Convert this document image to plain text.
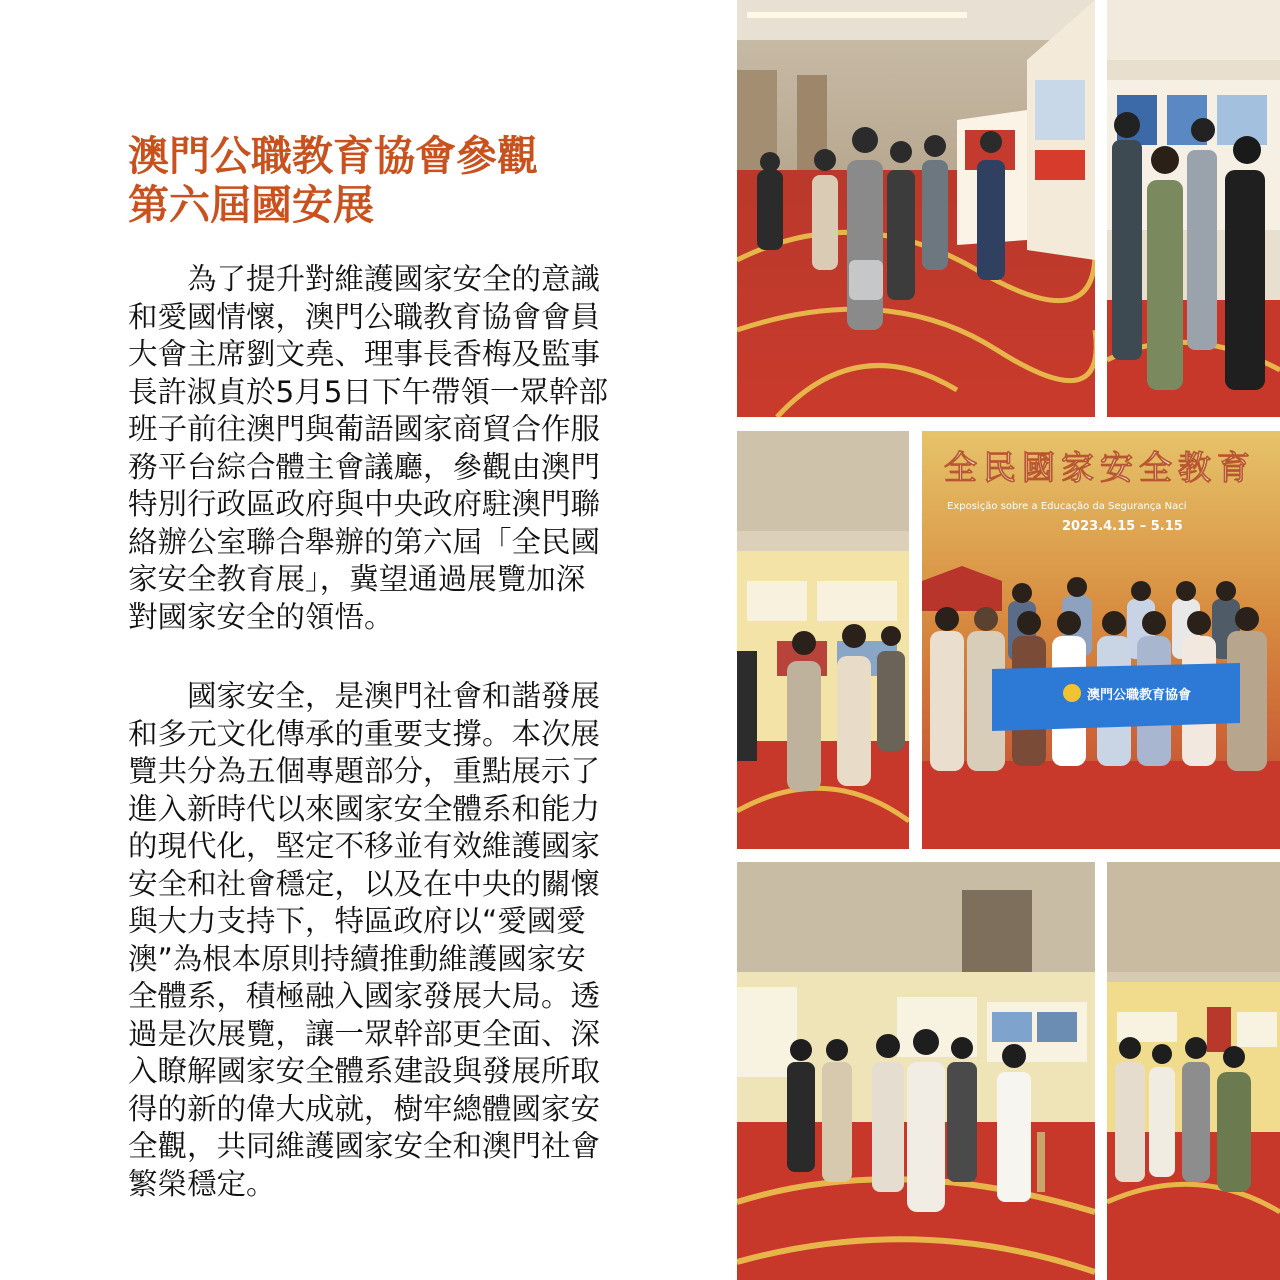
澳門公職教育協會參觀
第六屆國安展

　　為了提升對維護國家安全的意識
和愛國情懷，澳門公職教育協會會員
大會主席劉文堯、理事長香梅及監事
長許淑貞於5月5日下午帶領一眾幹部
班子前往澳門與葡語國家商貿合作服
務平台綜合體主會議廳，參觀由澳門
特別行政區政府與中央政府駐澳門聯
絡辦公室聯合舉辦的第六屆「全民國
家安全教育展」，冀望通過展覽加深
對國家安全的領悟。

　　國家安全，是澳門社會和諧發展
和多元文化傳承的重要支撐。本次展
覽共分為五個專題部分，重點展示了
進入新時代以來國家安全體系和能力
的現代化，堅定不移並有效維護國家
安全和社會穩定，以及在中央的關懷
與大力支持下，特區政府以“愛國愛
澳”為根本原則持續推動維護國家安
全體系，積極融入國家發展大局。透
過是次展覽，讓一眾幹部更全面、深
入瞭解國家安全體系建設與發展所取
得的新的偉大成就，樹牢總體國家安
全觀，共同維護國家安全和澳門社會
繁榮穩定。

全民國家安全教育
Exposição sobre a Educação da Segurança Naci
2023.4.15 – 5.15
澳門公職教育協會
